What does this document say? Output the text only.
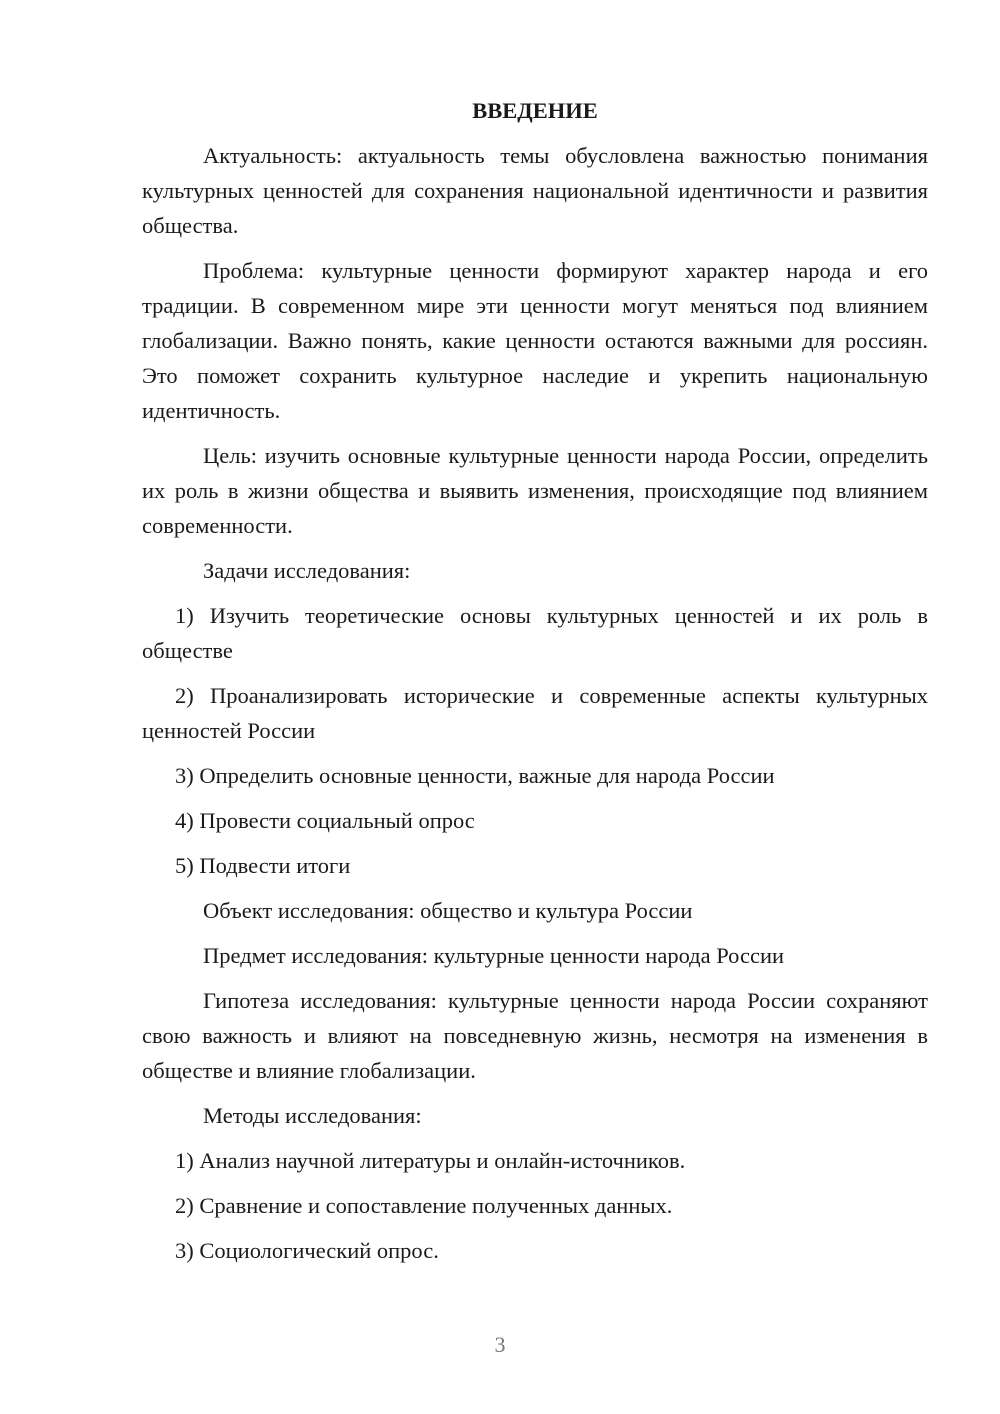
ВВЕДЕНИЕ

Актуальность: актуальность темы обусловлена важностью понимания культурных ценностей для сохранения национальной идентичности и развития общества.

Проблема: культурные ценности формируют характер народа и его традиции. В современном мире эти ценности могут меняться под влиянием глобализации. Важно понять, какие ценности остаются важными для россиян. Это поможет сохранить культурное наследие и укрепить национальную идентичность.

Цель: изучить основные культурные ценности народа России, определить их роль в жизни общества и выявить изменения, происходящие под влиянием современности.

Задачи исследования:

1) Изучить теоретические основы культурных ценностей и их роль в обществе

2) Проанализировать исторические и современные аспекты культурных ценностей России

3) Определить основные ценности, важные для народа России

4) Провести социальный опрос

5) Подвести итоги

Объект исследования: общество и культура России

Предмет исследования: культурные ценности народа России

Гипотеза исследования: культурные ценности народа России сохраняют свою важность и влияют на повседневную жизнь, несмотря на изменения в обществе и влияние глобализации.

Методы исследования:

1) Анализ научной литературы и онлайн-источников.

2) Сравнение и сопоставление полученных данных.

3) Социологический опрос.

3
